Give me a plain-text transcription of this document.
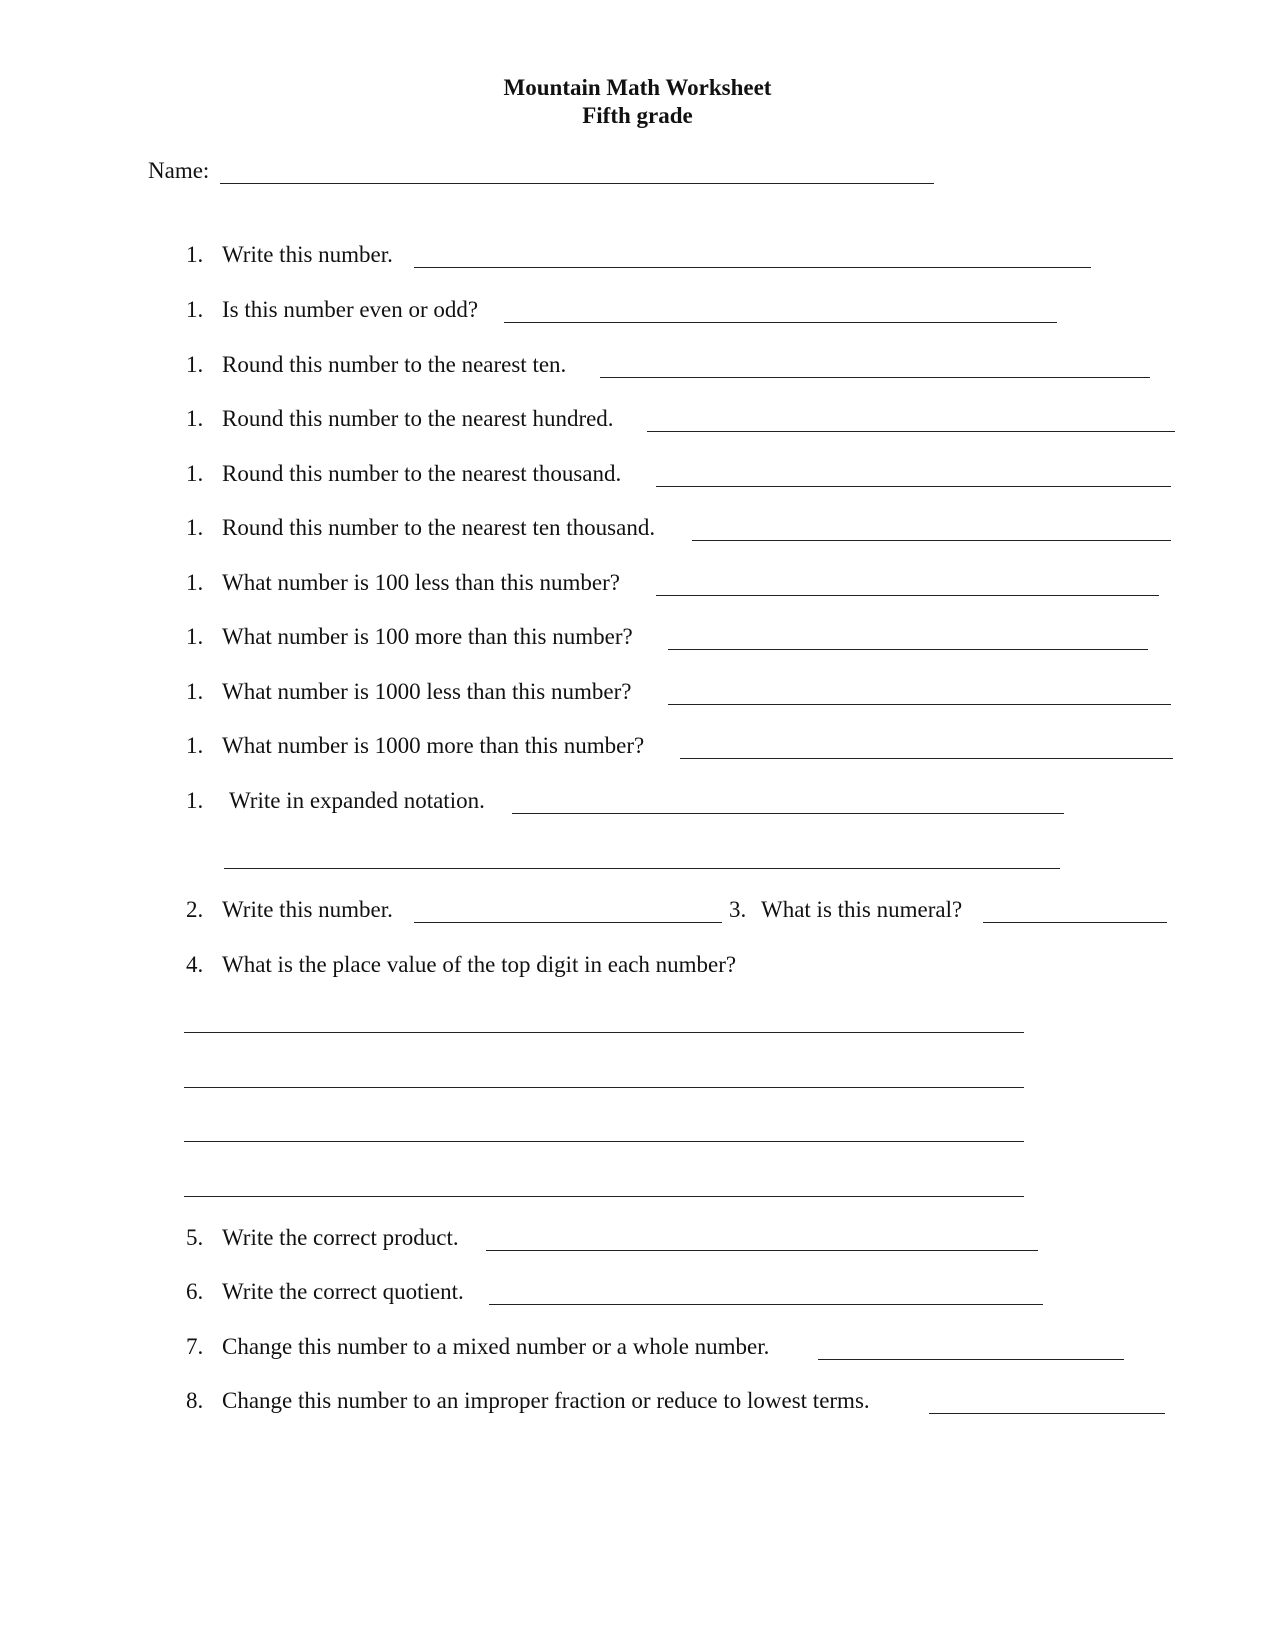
Mountain Math Worksheet
Fifth grade
Name:
1. Write this number.
1. Is this number even or odd?
1. Round this number to the nearest ten.
1. Round this number to the nearest hundred.
1. Round this number to the nearest thousand.
1. Round this number to the nearest ten thousand.
1. What number is 100 less than this number?
1. What number is 100 more than this number?
1. What number is 1000 less than this number?
1. What number is 1000 more than this number?
1. Write in expanded notation.
2. Write this number.	3. What is this numeral?
4. What is the place value of the top digit in each number?
5. Write the correct product.
6. Write the correct quotient.
7. Change this number to a mixed number or a whole number.
8. Change this number to an improper fraction or reduce to lowest terms.
